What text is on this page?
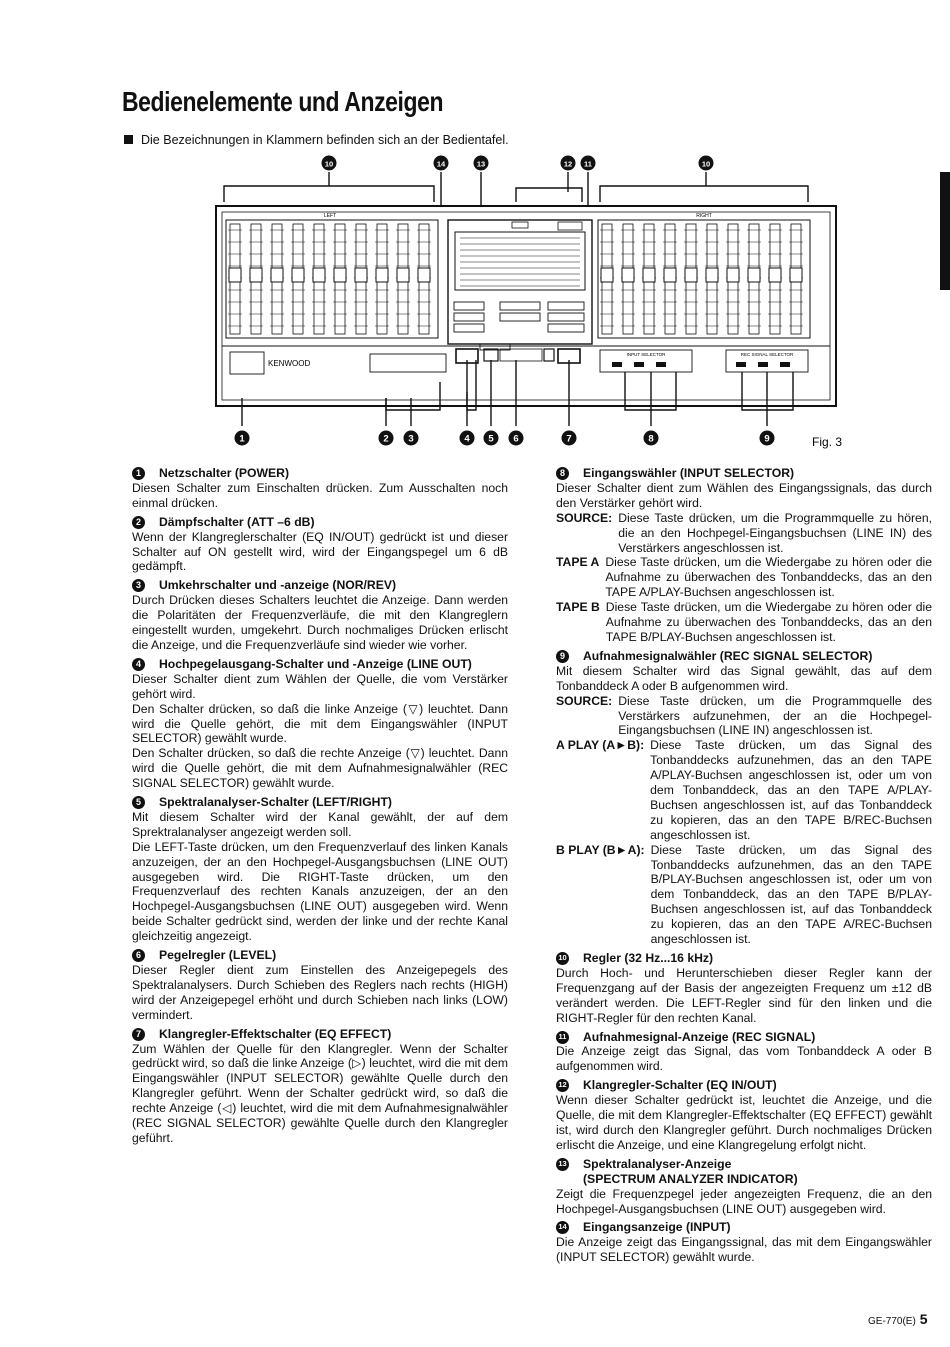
Bedienelemente und Anzeigen
Die Bezeichnungen in Klammern befinden sich an der Bedientafel.
LEFT	RIGHT
KENWOOD
INPUT SELECTOR	REC SIGNAL SELECTOR
10	14	13	12 11	10
1	2 3	4 5 6	7	8	9	Fig. 3
1	Netzschalter (POWER)

Diesen Schalter zum Einschalten drücken. Zum Ausschalten noch einmal drücken.

2	Dämpfschalter (ATT –6 dB)

Wenn der Klangreglerschalter (EQ IN/OUT) gedrückt ist und dieser Schalter auf ON gestellt wird, wird der Eingangspegel um 6 dB gedämpft.

3	Umkehrschalter und -anzeige (NOR/REV)

Durch Drücken dieses Schalters leuchtet die Anzeige. Dann werden die Polaritäten der Frequenzverläufe, die mit den Klangreglern eingestellt wurden, umgekehrt. Durch nochmaliges Drücken erlischt die Anzeige, und die Frequenzverläufe sind wieder wie vorher.

4	Hochpegelausgang-Schalter und -Anzeige (LINE OUT)

Dieser Schalter dient zum Wählen der Quelle, die vom Verstärker gehört wird.

Den Schalter drücken, so daß die linke Anzeige (▽) leuchtet. Dann wird die Quelle gehört, die mit dem Eingangswähler (INPUT SELECTOR) gewählt wurde.

Den Schalter drücken, so daß die rechte Anzeige (▽) leuchtet. Dann wird die Quelle gehört, die mit dem Aufnahmesignalwähler (REC SIGNAL SELECTOR) gewählt wurde.

5	Spektralanalyser-Schalter (LEFT/RIGHT)

Mit diesem Schalter wird der Kanal gewählt, der auf dem Sprektralanalyser angezeigt werden soll.

Die LEFT-Taste drücken, um den Frequenzverlauf des linken Kanals anzuzeigen, der an den Hochpegel-Ausgangsbuchsen (LINE OUT) ausgegeben wird. Die RIGHT-Taste drücken, um den Frequenzverlauf des rechten Kanals anzuzeigen, der an den Hochpegel-Ausgangsbuchsen (LINE OUT) ausgegeben wird. Wenn beide Schalter gedrückt sind, werden der linke und der rechte Kanal gleichzeitig angezeigt.

6	Pegelregler (LEVEL)

Dieser Regler dient zum Einstellen des Anzeigepegels des Spektralanalysers. Durch Schieben des Reglers nach rechts (HIGH) wird der Anzeigepegel erhöht und durch Schieben nach links (LOW) vermindert.

7	Klangregler-Effektschalter (EQ EFFECT)

Zum Wählen der Quelle für den Klangregler. Wenn der Schalter gedrückt wird, so daß die linke Anzeige (▷) leuchtet, wird die mit dem Eingangswähler (INPUT SELECTOR) gewählte Quelle durch den Klangregler geführt. Wenn der Schalter gedrückt wird, so daß die rechte Anzeige (◁) leuchtet, wird die mit dem Aufnahmesignalwähler (REC SIGNAL SELECTOR) gewählte Quelle durch den Klangregler geführt.

8	Eingangswähler (INPUT SELECTOR)

Dieser Schalter dient zum Wählen des Eingangssignals, das durch den Verstärker gehört wird.

SOURCE: Diese Taste drücken, um die Programmquelle zu hören, die an den Hochpegel-Eingangsbuchsen (LINE IN) des Verstärkers angeschlossen ist.
TAPE A Diese Taste drücken, um die Wiedergabe zu hören oder die Aufnahme zu überwachen des Tonbanddecks, das an den TAPE A/PLAY-Buchsen angeschlossen ist.
TAPE B Diese Taste drücken, um die Wiedergabe zu hören oder die Aufnahme zu überwachen des Tonbanddecks, das an den TAPE B/PLAY-Buchsen angeschlossen ist.
9	Aufnahmesignalwähler (REC SIGNAL SELECTOR)

Mit diesem Schalter wird das Signal gewählt, das auf dem Tonbanddeck A oder B aufgenommen wird.

SOURCE: Diese Taste drücken, um die Programmquelle des Verstärkers aufzunehmen, der an die Hochpegel-Eingangsbuchsen (LINE IN) angeschlossen ist.
A PLAY (A►B): Diese Taste drücken, um das Signal des Tonbanddecks aufzunehmen, das an den TAPE A/PLAY-Buchsen angeschlossen ist, oder um von dem Tonbanddeck, das an den TAPE A/PLAY-Buchsen angeschlossen ist, auf das Tonbanddeck zu kopieren, das an den TAPE B/REC-Buchsen angeschlossen ist.
B PLAY (B►A): Diese Taste drücken, um das Signal des Tonbanddecks aufzunehmen, das an den TAPE B/PLAY-Buchsen angeschlossen ist, oder um von dem Tonbanddeck, das an den TAPE B/PLAY-Buchsen angeschlossen ist, auf das Tonbanddeck zu kopieren, das an den TAPE A/REC-Buchsen angeschlossen ist.
10 Regler (32 Hz...16 kHz)

Durch Hoch- und Herunterschieben dieser Regler kann der Frequenzgang auf der Basis der angezeigten Frequenz um ±12 dB verändert werden. Die LEFT-Regler sind für den linken und die RIGHT-Regler für den rechten Kanal.

11 Aufnahmesignal-Anzeige (REC SIGNAL)

Die Anzeige zeigt das Signal, das vom Tonbanddeck A oder B aufgenommen wird.

12 Klangregler-Schalter (EQ IN/OUT)

Wenn dieser Schalter gedrückt ist, leuchtet die Anzeige, und die Quelle, die mit dem Klangregler-Effektschalter (EQ EFFECT) gewählt ist, wird durch den Klangregler geführt. Durch nochmaliges Drücken erlischt die Anzeige, und eine Klangregelung erfolgt nicht.

13 Spektralanalyser-Anzeige
(SPECTRUM ANALYZER INDICATOR)

Zeigt die Frequenzpegel jeder angezeigten Frequenz, die an den Hochpegel-Ausgangsbuchsen (LINE OUT) ausgegeben wird.

14 Eingangsanzeige (INPUT)

Die Anzeige zeigt das Eingangssignal, das mit dem Eingangswähler (INPUT SELECTOR) gewählt wurde.

GE-770(E) 5
